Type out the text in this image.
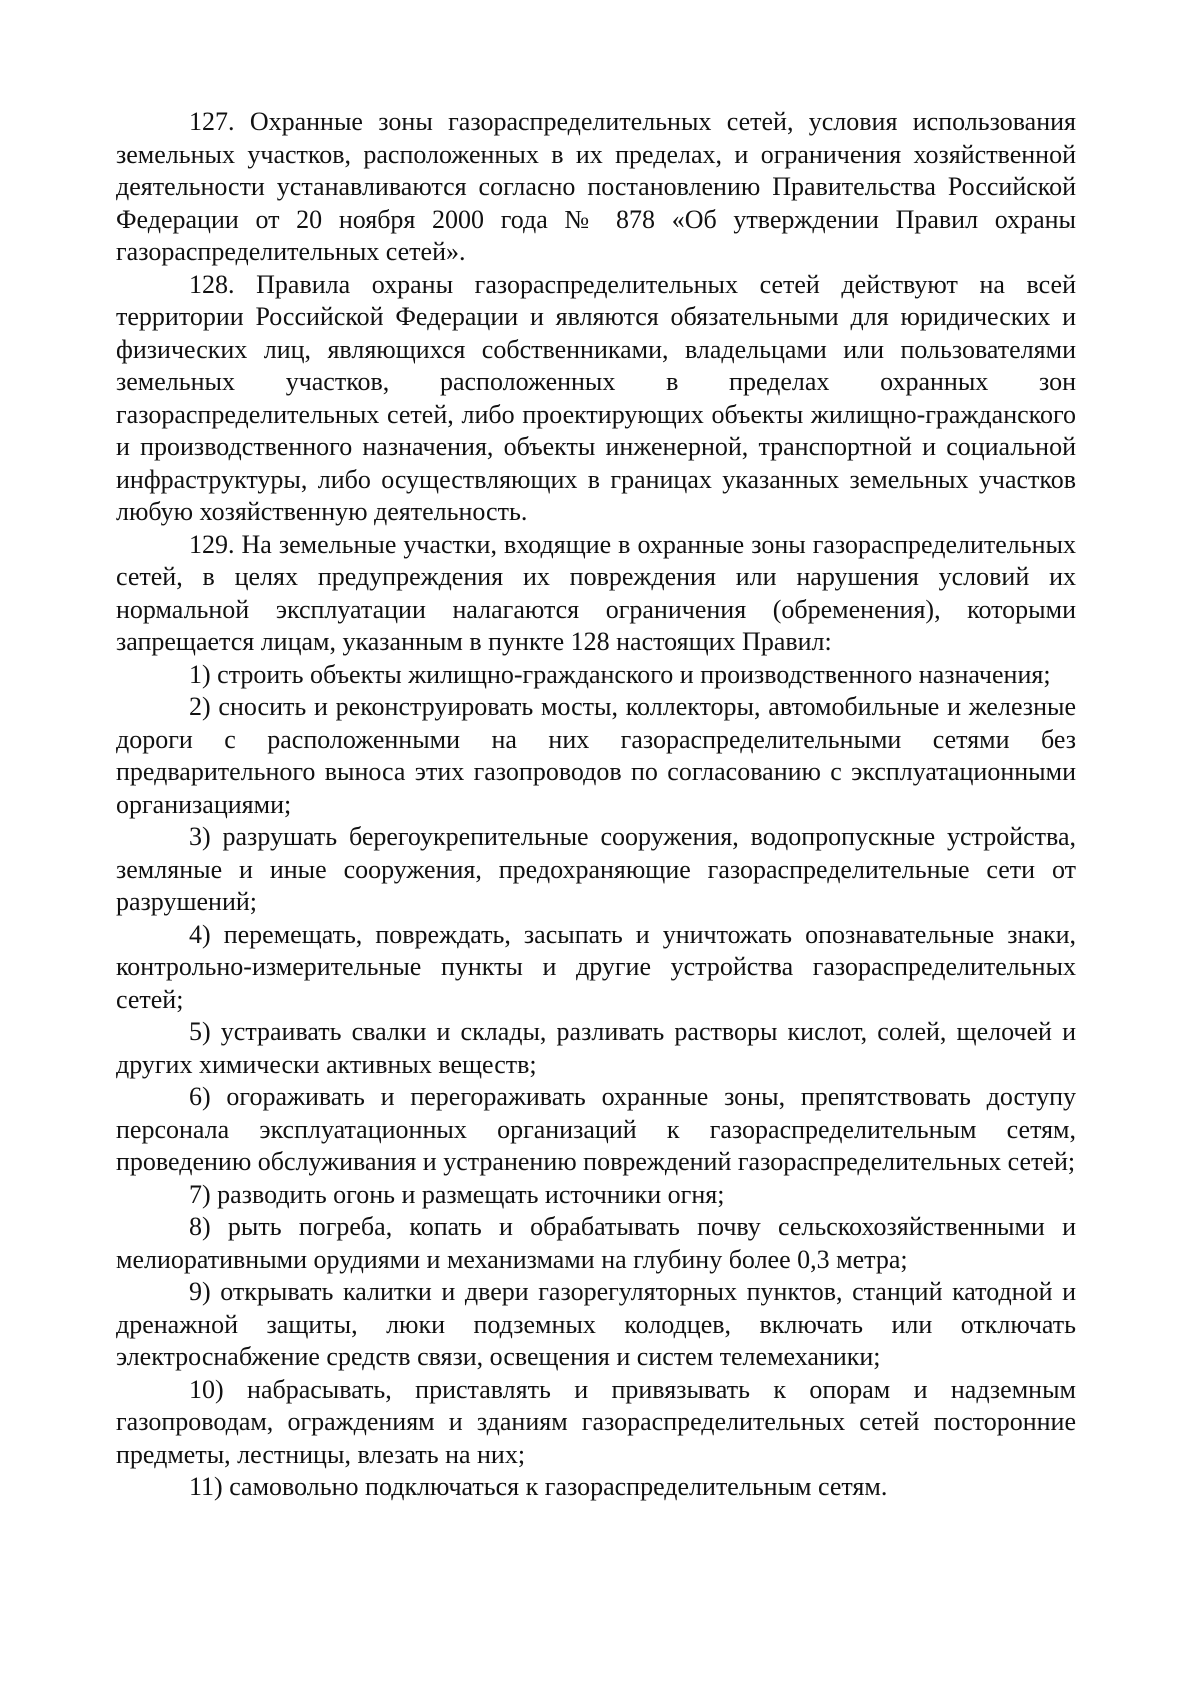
127. Охранные зоны газораспределительных сетей, условия использования земельных участков, расположенных в их пределах, и ограничения хозяйственной деятельности устанавливаются согласно постановлению Правительства Российской Федерации от 20 ноября 2000 года № 878 «Об утверждении Правил охраны газораспределительных сетей».

128. Правила охраны газораспределительных сетей действуют на всей территории Российской Федерации и являются обязательными для юридических и физических лиц, являющихся собственниками, владельцами или пользователями земельных участков, расположенных в пределах охранных зон газораспределительных сетей, либо проектирующих объекты жилищно-гражданского и производственного назначения, объекты инженерной, транспортной и социальной инфраструктуры, либо осуществляющих в границах указанных земельных участков любую хозяйственную деятельность.

129. На земельные участки, входящие в охранные зоны газораспределительных сетей, в целях предупреждения их повреждения или нарушения условий их нормальной эксплуатации налагаются ограничения (обременения), которыми запрещается лицам, указанным в пункте 128 настоящих Правил:

1) строить объекты жилищно-гражданского и производственного назначения;

2) сносить и реконструировать мосты, коллекторы, автомобильные и железные дороги с расположенными на них газораспределительными сетями без предварительного выноса этих газопроводов по согласованию с эксплуатационными организациями;

3) разрушать берегоукрепительные сооружения, водопропускные устройства, земляные и иные сооружения, предохраняющие газораспределительные сети от разрушений;

4) перемещать, повреждать, засыпать и уничтожать опознавательные знаки, контрольно-измерительные пункты и другие устройства газораспределительных сетей;

5) устраивать свалки и склады, разливать растворы кислот, солей, щелочей и других химически активных веществ;

6) огораживать и перегораживать охранные зоны, препятствовать доступу персонала эксплуатационных организаций к газораспределительным сетям, проведению обслуживания и устранению повреждений газораспределительных сетей;

7) разводить огонь и размещать источники огня;

8) рыть погреба, копать и обрабатывать почву сельскохозяйственными и мелиоративными орудиями и механизмами на глубину более 0,3 метра;

9) открывать калитки и двери газорегуляторных пунктов, станций катодной и дренажной защиты, люки подземных колодцев, включать или отключать электроснабжение средств связи, освещения и систем телемеханики;

10) набрасывать, приставлять и привязывать к опорам и надземным газопроводам, ограждениям и зданиям газораспределительных сетей посторонние предметы, лестницы, влезать на них;

11) самовольно подключаться к газораспределительным сетям.
